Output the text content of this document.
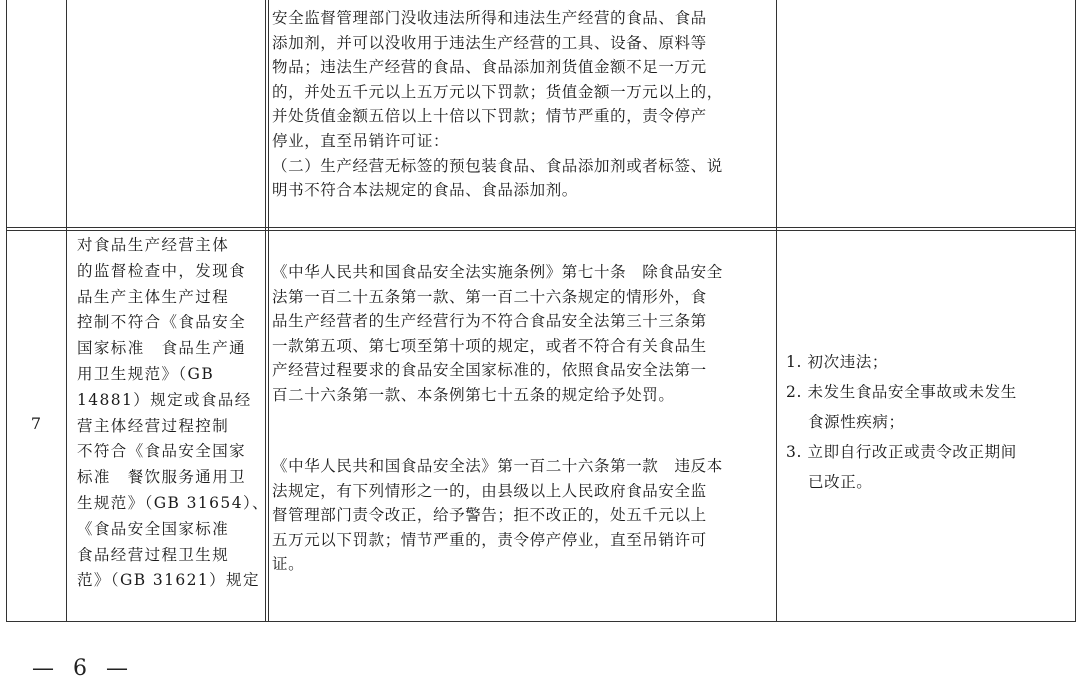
安全监督管理部门没收违法所得和违法生产经营的食品、食品
添加剂，并可以没收用于违法生产经营的工具、设备、原料等
物品；违法生产经营的食品、食品添加剂货值金额不足一万元
的，并处五千元以上五万元以下罚款；货值金额一万元以上的，
并处货值金额五倍以上十倍以下罚款；情节严重的，责令停产
停业，直至吊销许可证：
（二）生产经营无标签的预包装食品、食品添加剂或者标签、说
明书不符合本法规定的食品、食品添加剂。
7
对食品生产经营主体
的监督检查中，发现食
品生产主体生产过程
控制不符合《食品安全
国家标准　食品生产通
用卫生规范》（GB
14881）规定或食品经
营主体经营过程控制
不符合《食品安全国家
标准　餐饮服务通用卫
生规范》（GB 31654）、
《食品安全国家标准
食品经营过程卫生规
范》（GB 31621）规定
《中华人民共和国食品安全法实施条例》第七十条　除食品安全
法第一百二十五条第一款、第一百二十六条规定的情形外，食
品生产经营者的生产经营行为不符合食品安全法第三十三条第
一款第五项、第七项至第十项的规定，或者不符合有关食品生
产经营过程要求的食品安全国家标准的，依照食品安全法第一
百二十六条第一款、本条例第七十五条的规定给予处罚。
《中华人民共和国食品安全法》第一百二十六条第一款　违反本
法规定，有下列情形之一的，由县级以上人民政府食品安全监
督管理部门责令改正，给予警告；拒不改正的，处五千元以上
五万元以下罚款；情节严重的，责令停产停业，直至吊销许可
证。
1. 初次违法；
2. 未发生食品安全事故或未发生
食源性疾病；
3. 立即自行改正或责令改正期间
已改正。
— 6 —
